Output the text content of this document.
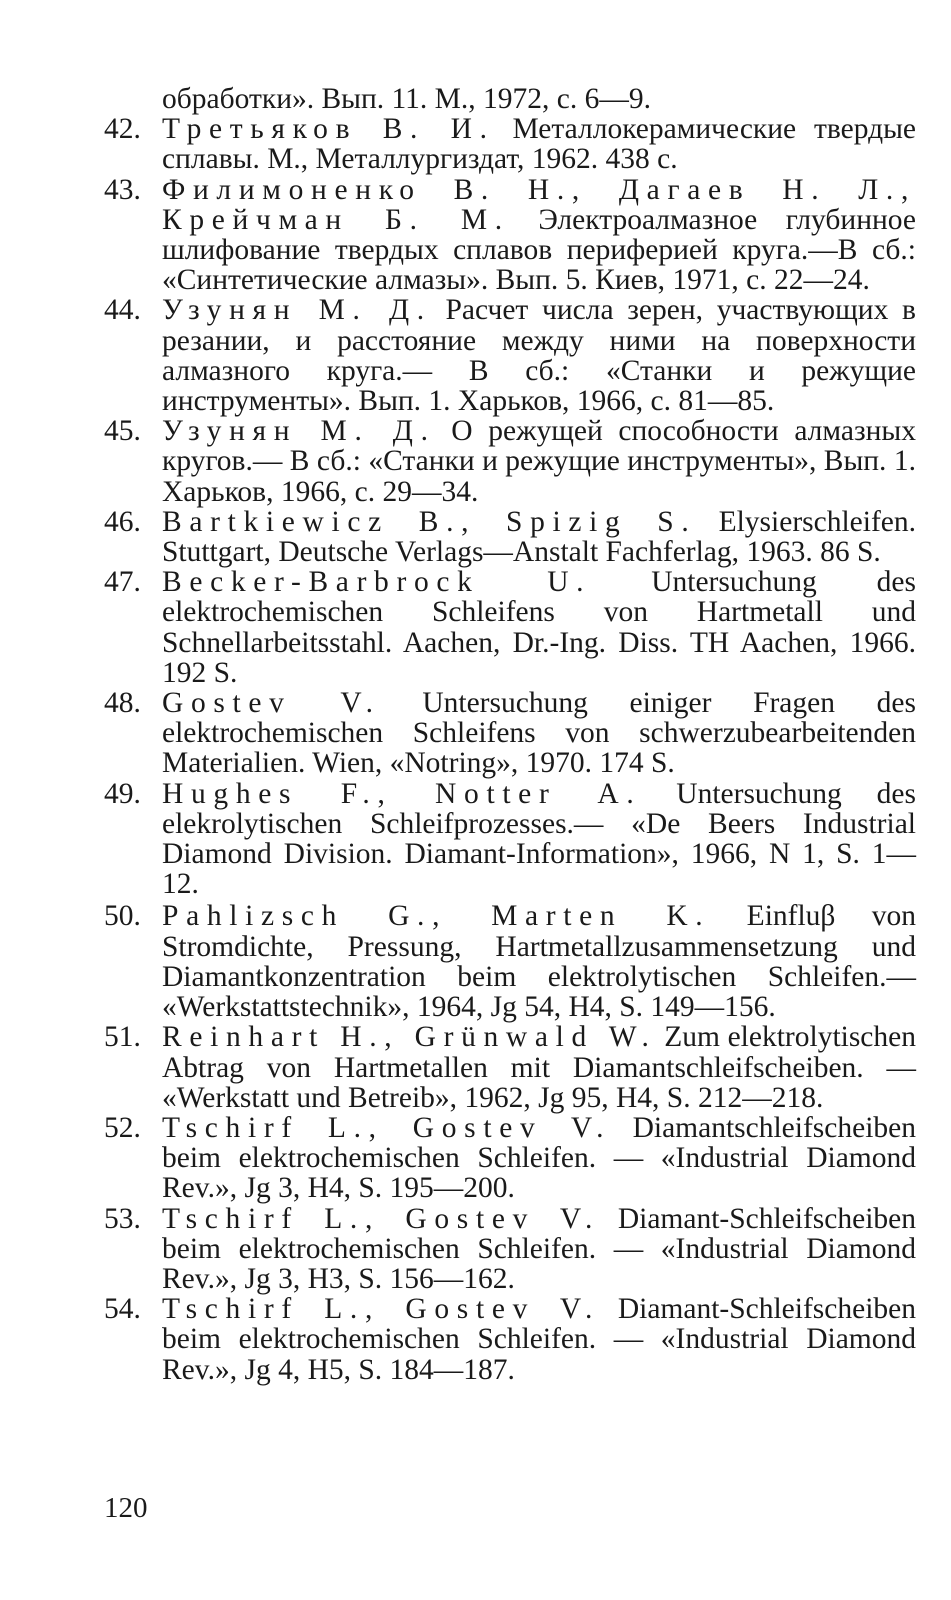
обработки». Вып. 11. М., 1972, с. 6—9.
42. Третьяков В. И. Металлокерамические твердые сплавы. М., Металлургиздат, 1962. 438 с.
43. Филимоненко В. Н., Дагаев Н. Л., Крейчман Б. М. Электроалмазное глубинное шлифование твердых сплавов периферией круга.—В сб.: «Синтетические алмазы». Вып. 5. Киев, 1971, с. 22—24.
44. Узунян М. Д. Расчет числа зерен, участвующих в резании, и расстояние между ними на поверхности алмазного круга.— В сб.: «Станки и режущие инструменты». Вып. 1. Харьков, 1966, с. 81—85.
45. Узунян М. Д. О режущей способности алмазных кругов.— В сб.: «Станки и режущие инструменты», Вып. 1. Харьков, 1966, с. 29—34.
46. Bartkiewicz B., Spizig S. Elysierschleifen. Stuttgart, Deutsche Verlags—Anstalt Fachferlag, 1963. 86 S.
47. Becker-Barbrock U. Untersuchung des elektrochemischen Schleifens von Hartmetall und Schnellarbeitsstahl. Aachen, Dr.-Ing. Diss. TH Aachen, 1966. 192 S.
48. Gostev V. Untersuchung einiger Fragen des elektrochemischen Schleifens von schwerzubearbeitenden Materialien. Wien, «Notring», 1970. 174 S.
49. Hughes F., Notter A. Untersuchung des elekrolytischen Schleifprozesses.— «De Beers Industrial Diamond Division. Diamant-Information», 1966, N 1, S. 1—12.
50. Pahlizsch G., Marten K. Einfluβ von Stromdichte, Pressung, Hartmetallzusammensetzung und Diamantkonzentration beim elektrolytischen Schleifen.— «Werkstattstechnik», 1964, Jg 54, H4, S. 149—156.
51. Reinhart H., Grünwald W. Zum elektrolytischen Abtrag von Hartmetallen mit Diamantschleifscheiben. — «Werkstatt und Betreib», 1962, Jg 95, H4, S. 212—218.
52. Tschirf L., Gostev V. Diamantschleifscheiben beim elektrochemischen Schleifen. — «Industrial Diamond Rev.», Jg 3, H4, S. 195—200.
53. Tschirf L., Gostev V. Diamant-Schleifscheiben beim elektrochemischen Schleifen. — «Industrial Diamond Rev.», Jg 3, H3, S. 156—162.
54. Tschirf L., Gostev V. Diamant-Schleifscheiben beim elektrochemischen Schleifen. — «Industrial Diamond Rev.», Jg 4, H5, S. 184—187.
120
